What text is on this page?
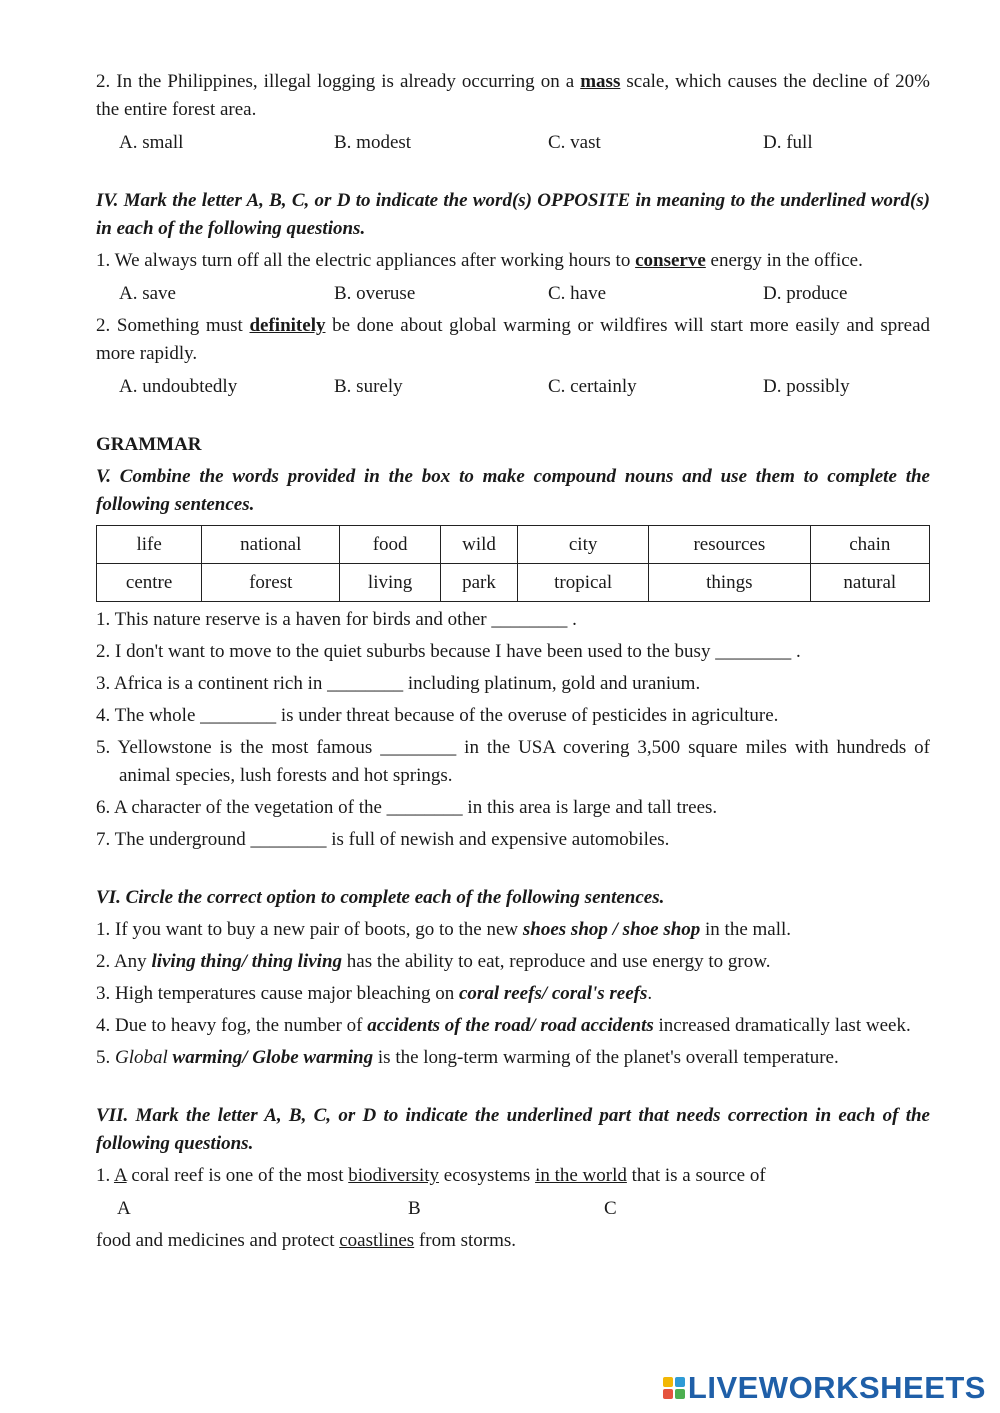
2. In the Philippines, illegal logging is already occurring on a mass scale, which causes the decline of 20% the entire forest area.

A. small	B. modest	C. vast	D. full

IV. Mark the letter A, B, C, or D to indicate the word(s) OPPOSITE in meaning to the underlined word(s) in each of the following questions.

1. We always turn off all the electric appliances after working hours to conserve energy in the office.

A. save	B. overuse	C. have	D. produce

2. Something must definitely be done about global warming or wildfires will start more easily and spread more rapidly.

A. undoubtedly	B. surely	C. certainly	D. possibly

GRAMMAR

V. Combine the words provided in the box to make compound nouns and use them to complete the following sentences.

life	national	food	wild	city	resources	chain
centre	forest	living	park	tropical	things	natural

1. This nature reserve is a haven for birds and other ________ .

2. I don't want to move to the quiet suburbs because I have been used to the busy ________ .

3. Africa is a continent rich in ________ including platinum, gold and uranium.

4. The whole ________ is under threat because of the overuse of pesticides in agriculture.

5. Yellowstone is the most famous ________ in the USA covering 3,500 square miles with hundreds of animal species, lush forests and hot springs.

6. A character of the vegetation of the ________ in this area is large and tall trees.

7. The underground ________ is full of newish and expensive automobiles.

VI. Circle the correct option to complete each of the following sentences.

1. If you want to buy a new pair of boots, go to the new shoes shop / shoe shop in the mall.

2. Any living thing/ thing living has the ability to eat, reproduce and use energy to grow.

3. High temperatures cause major bleaching on coral reefs/ coral's reefs.

4. Due to heavy fog, the number of accidents of the road/ road accidents increased dramatically last week.

5. Global warming/ Globe warming is the long-term warming of the planet's overall temperature.

VII. Mark the letter A, B, C, or D to indicate the underlined part that needs correction in each of the following questions.

1. A coral reef is one of the most biodiversity ecosystems in the world that is a source of

A	B	C

food and medicines and protect coastlines from storms.

LIVEWORKSHEETS
